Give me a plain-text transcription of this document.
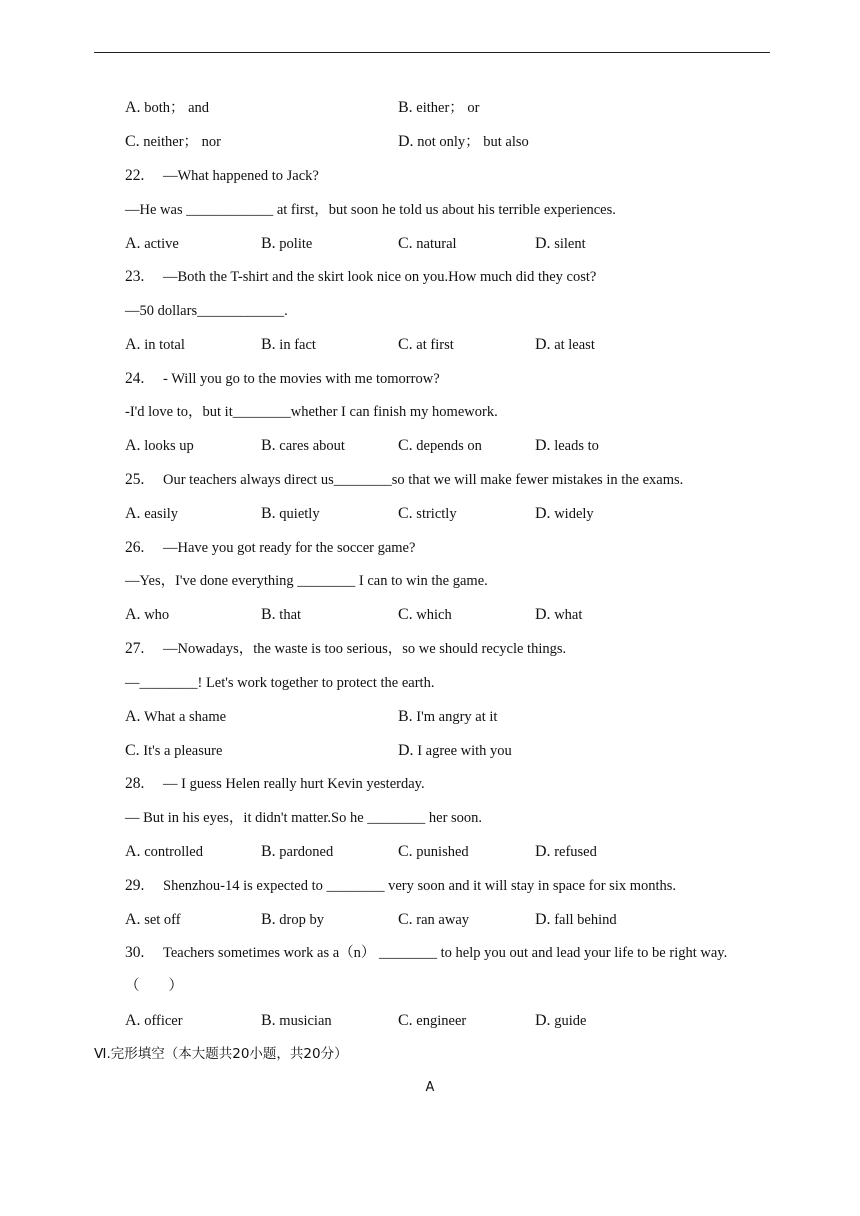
A. both； and	B. either； or
C. neither； nor	D. not only； but also
22. —What happened to Jack?
—He was ____________ at first，but soon he told us about his terrible experiences.
A. active	B. polite	C. natural	D. silent
23. —Both the T-shirt and the skirt look nice on you.How much did they cost?
—50 dollars____________.
A. in total	B. in fact	C. at first	D. at least
24. - Will you go to the movies with me tomorrow?
-I'd love to，but it________whether I can finish my homework.
A. looks up	B. cares about	C. depends on	D. leads to
25. Our teachers always direct us________so that we will make fewer mistakes in the exams.
A. easily	B. quietly	C. strictly	D. widely
26. —Have you got ready for the soccer game?
—Yes，I've done everything ________ I can to win the game.
A. who	B. that	C. which	D. what
27. —Nowadays，the waste is too serious，so we should recycle things.
—________! Let's work together to protect the earth.
A. What a shame	B. I'm angry at it
C. It's a pleasure	D. I agree with you
28. — I guess Helen really hurt Kevin yesterday.
— But in his eyes，it didn't matter.So he ________ her soon.
A. controlled	B. pardoned	C. punished	D. refused
29. Shenzhou-14 is expected to ________ very soon and it will stay in space for six months.
A. set off	B. drop by	C. ran away	D. fall behind
30. Teachers sometimes work as a（n） ________ to help you out and lead your life to be right way.
（　　）
A. officer	B. musician	C. engineer	D. guide
Ⅵ.完形填空（本大题共20小题，共20分）
A
